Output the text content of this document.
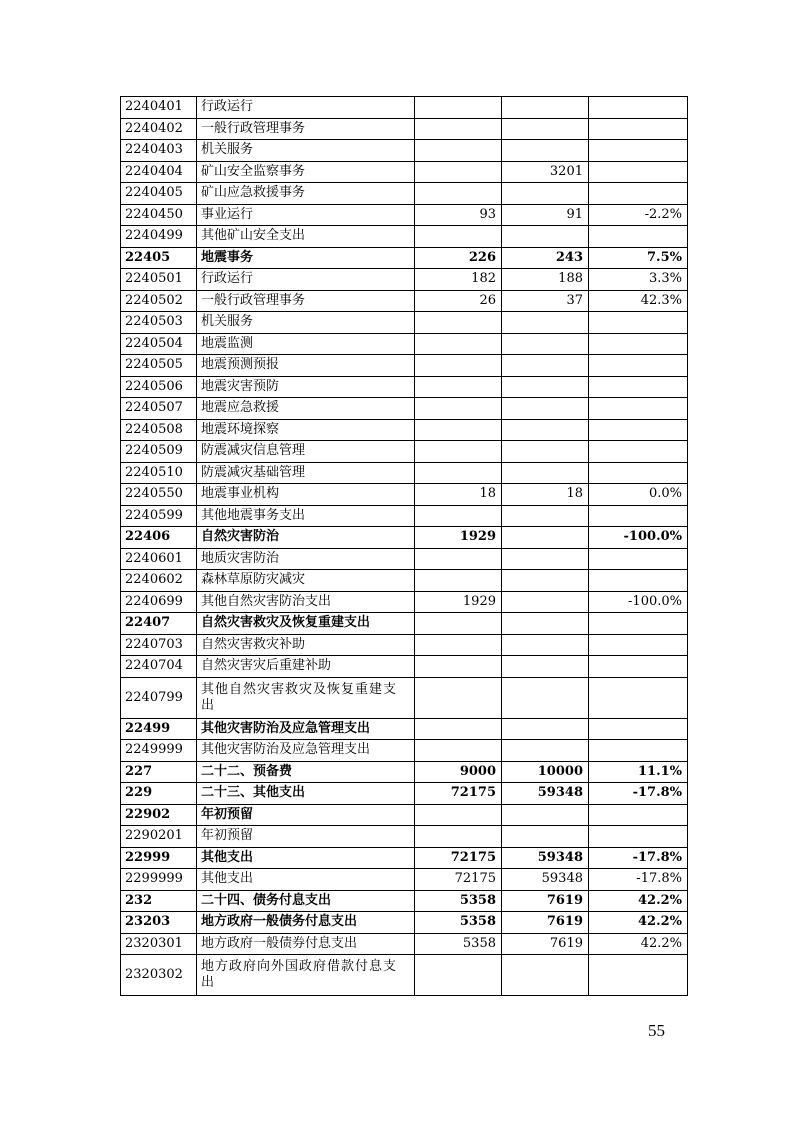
2240401	行政运行			
2240402	一般行政管理事务			
2240403	机关服务			
2240404	矿山安全监察事务		3201	
2240405	矿山应急救援事务			
2240450	事业运行	93	91	-2.2%
2240499	其他矿山安全支出			
22405	地震事务	226	243	7.5%
2240501	行政运行	182	188	3.3%
2240502	一般行政管理事务	26	37	42.3%
2240503	机关服务			
2240504	地震监测			
2240505	地震预测预报			
2240506	地震灾害预防			
2240507	地震应急救援			
2240508	地震环境探察			
2240509	防震减灾信息管理			
2240510	防震减灾基础管理			
2240550	地震事业机构	18	18	0.0%
2240599	其他地震事务支出			
22406	自然灾害防治	1929		-100.0%
2240601	地质灾害防治			
2240602	森林草原防灾减灾			
2240699	其他自然灾害防治支出	1929		-100.0%
22407	自然灾害救灾及恢复重建支出			
2240703	自然灾害救灾补助			
2240704	自然灾害灾后重建补助			
2240799	其他自然灾害救灾及恢复重建支出			
22499	其他灾害防治及应急管理支出			
2249999	其他灾害防治及应急管理支出			
227	二十二、预备费	9000	10000	11.1%
229	二十三、其他支出	72175	59348	-17.8%
22902	年初预留			
2290201	年初预留			
22999	其他支出	72175	59348	-17.8%
2299999	其他支出	72175	59348	-17.8%
232	二十四、债务付息支出	5358	7619	42.2%
23203	地方政府一般债务付息支出	5358	7619	42.2%
2320301	地方政府一般债券付息支出	5358	7619	42.2%
2320302	地方政府向外国政府借款付息支出			
55
